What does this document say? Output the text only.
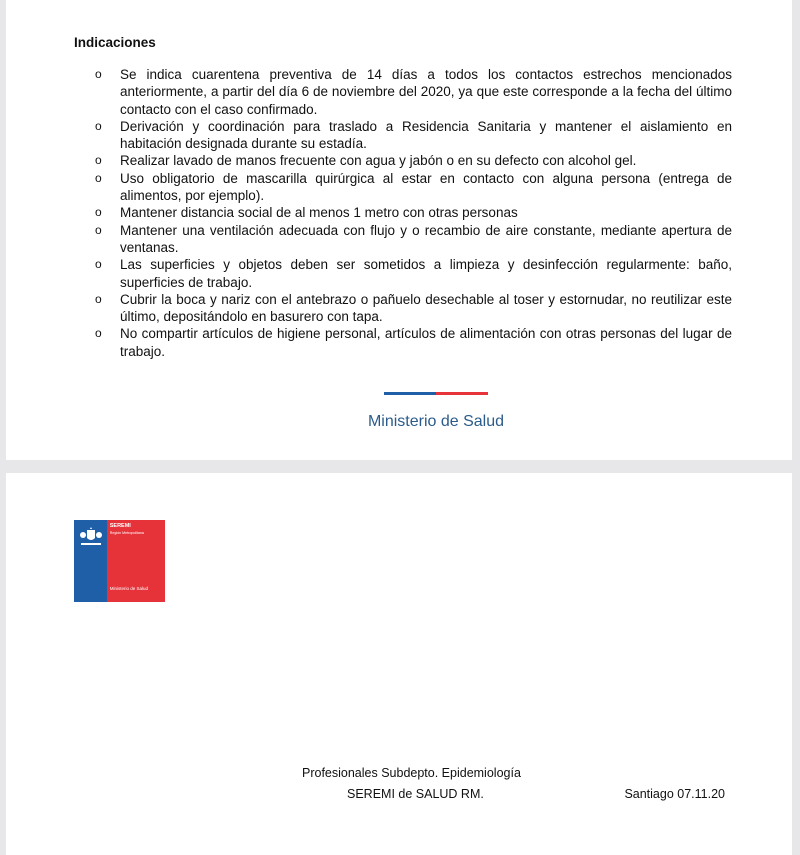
Indicaciones
o Se indica cuarentena preventiva de 14 días a todos los contactos estrechos mencionados anteriormente, a partir del día 6 de noviembre del 2020, ya que este corresponde a la fecha del último contacto con el caso confirmado.
o Derivación y coordinación para traslado a Residencia Sanitaria y mantener el aislamiento en habitación designada durante su estadía.
o Realizar lavado de manos frecuente con agua y jabón o en su defecto con alcohol gel.
o Uso obligatorio de mascarilla quirúrgica al estar en contacto con alguna persona (entrega de alimentos, por ejemplo).
o Mantener distancia social de al menos 1 metro con otras personas
o Mantener una ventilación adecuada con flujo y o recambio de aire constante, mediante apertura de ventanas.
o Las superficies y objetos deben ser sometidos a limpieza y desinfección regularmente: baño, superficies de trabajo.
o Cubrir la boca y nariz con el antebrazo o pañuelo desechable al toser y estornudar, no reutilizar este último, depositándolo en basurero con tapa.
o No compartir artículos de higiene personal, artículos de alimentación con otras personas del lugar de trabajo.
Ministerio de Salud
SEREMI
Región Metropolitana
Ministerio de Salud
Profesionales Subdepto. Epidemiología
SEREMI de SALUD RM.	Santiago 07.11.20
